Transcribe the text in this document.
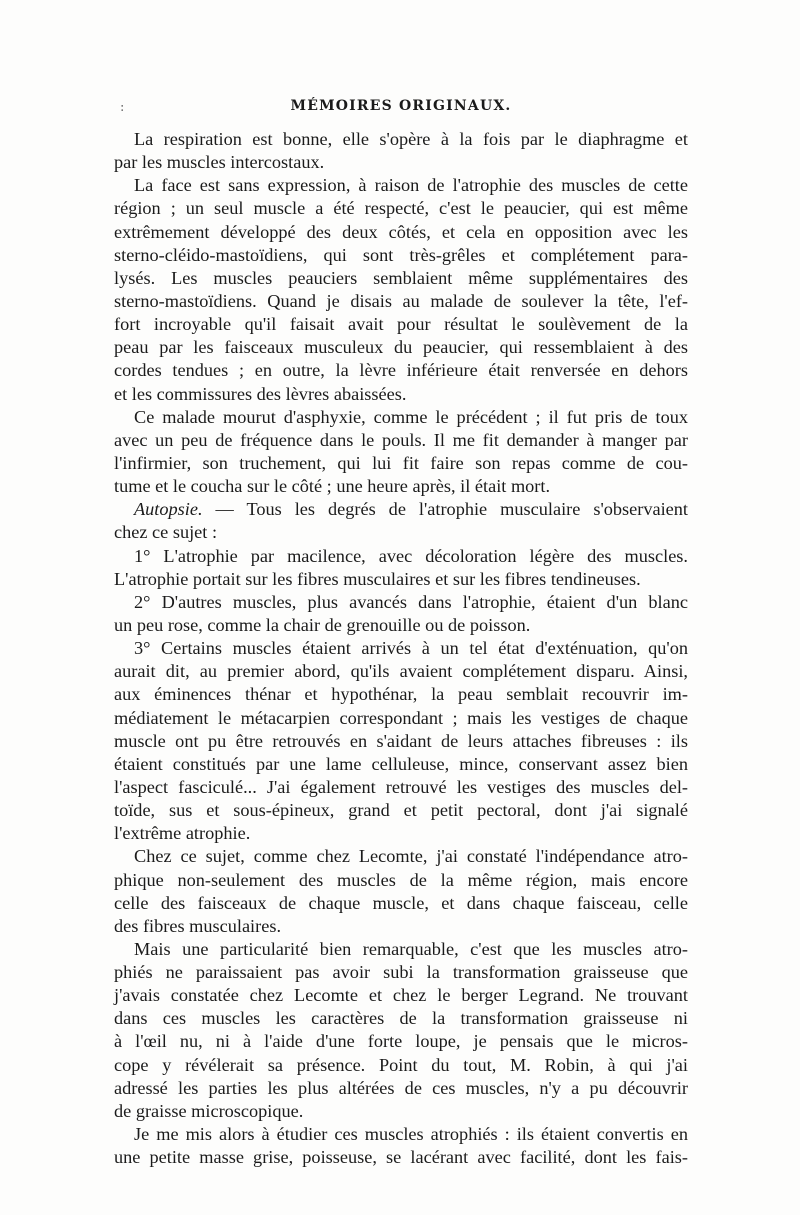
:	MÉMOIRES ORIGINAUX.
La respiration est bonne, elle s'opère à la fois par le diaphragme et
par les muscles intercostaux.
La face est sans expression, à raison de l'atrophie des muscles de cette
région ; un seul muscle a été respecté, c'est le peaucier, qui est même
extrêmement développé des deux côtés, et cela en opposition avec les
sterno-cléido-mastoïdiens, qui sont très-grêles et complétement para-
lysés. Les muscles peauciers semblaient même supplémentaires des
sterno-mastoïdiens. Quand je disais au malade de soulever la tête, l'ef-
fort incroyable qu'il faisait avait pour résultat le soulèvement de la
peau par les faisceaux musculeux du peaucier, qui ressemblaient à des
cordes tendues ; en outre, la lèvre inférieure était renversée en dehors
et les commissures des lèvres abaissées.
Ce malade mourut d'asphyxie, comme le précédent ; il fut pris de toux
avec un peu de fréquence dans le pouls. Il me fit demander à manger par
l'infirmier, son truchement, qui lui fit faire son repas comme de cou-
tume et le coucha sur le côté ; une heure après, il était mort.
Autopsie. — Tous les degrés de l'atrophie musculaire s'observaient
chez ce sujet :
1° L'atrophie par macilence, avec décoloration légère des muscles.
L'atrophie portait sur les fibres musculaires et sur les fibres tendineuses.
2° D'autres muscles, plus avancés dans l'atrophie, étaient d'un blanc
un peu rose, comme la chair de grenouille ou de poisson.
3° Certains muscles étaient arrivés à un tel état d'exténuation, qu'on
aurait dit, au premier abord, qu'ils avaient complétement disparu. Ainsi,
aux éminences thénar et hypothénar, la peau semblait recouvrir im-
médiatement le métacarpien correspondant ; mais les vestiges de chaque
muscle ont pu être retrouvés en s'aidant de leurs attaches fibreuses : ils
étaient constitués par une lame celluleuse, mince, conservant assez bien
l'aspect fasciculé... J'ai également retrouvé les vestiges des muscles del-
toïde, sus et sous-épineux, grand et petit pectoral, dont j'ai signalé
l'extrême atrophie.
Chez ce sujet, comme chez Lecomte, j'ai constaté l'indépendance atro-
phique non-seulement des muscles de la même région, mais encore
celle des faisceaux de chaque muscle, et dans chaque faisceau, celle
des fibres musculaires.
Mais une particularité bien remarquable, c'est que les muscles atro-
phiés ne paraissaient pas avoir subi la transformation graisseuse que
j'avais constatée chez Lecomte et chez le berger Legrand. Ne trouvant
dans ces muscles les caractères de la transformation graisseuse ni
à l'œil nu, ni à l'aide d'une forte loupe, je pensais que le micros-
cope y révélerait sa présence. Point du tout, M. Robin, à qui j'ai
adressé les parties les plus altérées de ces muscles, n'y a pu découvrir
de graisse microscopique.
Je me mis alors à étudier ces muscles atrophiés : ils étaient convertis en
une petite masse grise, poisseuse, se lacérant avec facilité, dont les fais-
